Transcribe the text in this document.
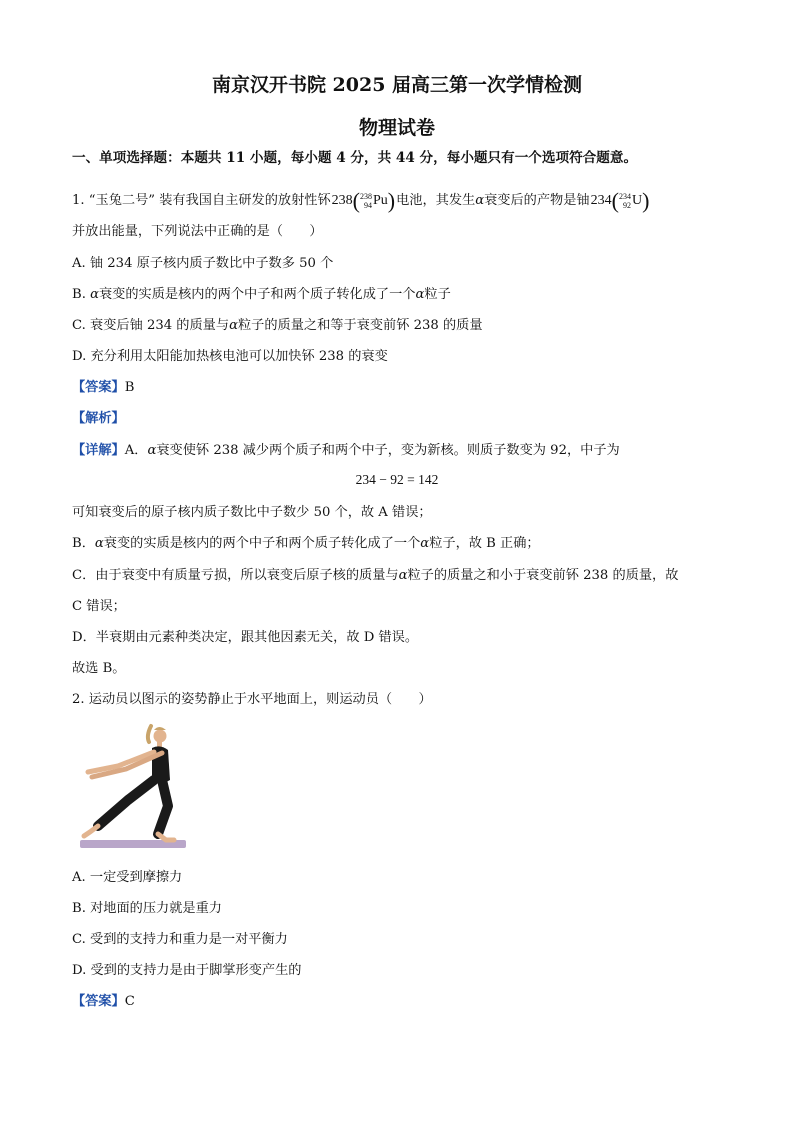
南京汉开书院 2025 届高三第一次学情检测
物理试卷
一、单项选择题：本题共 11 小题，每小题 4 分，共 44 分，每小题只有一个选项符合题意。
1. “玉兔二号” 装有我国自主研发的放射性钚238(238
94Pu)电池，其发生α衰变后的产物是铀234(234
92U)
并放出能量，下列说法中正确的是（　　）
A. 铀 234 原子核内质子数比中子数多 50 个
B. α衰变的实质是核内的两个中子和两个质子转化成了一个α粒子
C. 衰变后铀 234 的质量与α粒子的质量之和等于衰变前钚 238 的质量
D. 充分利用太阳能加热核电池可以加快钚 238 的衰变
【答案】B
【解析】
【详解】A．α衰变使钚 238 减少两个质子和两个中子，变为新核。则质子数变为 92，中子为
234 − 92 = 142
可知衰变后的原子核内质子数比中子数少 50 个，故 A 错误；
B．α衰变的实质是核内的两个中子和两个质子转化成了一个α粒子，故 B 正确；
C．由于衰变中有质量亏损，所以衰变后原子核的质量与α粒子的质量之和小于衰变前钚 238 的质量，故
C 错误；
D．半衰期由元素种类决定，跟其他因素无关，故 D 错误。
故选 B。
2. 运动员以图示的姿势静止于水平地面上，则运动员（　　）
A. 一定受到摩擦力
B. 对地面的压力就是重力
C. 受到的支持力和重力是一对平衡力
D. 受到的支持力是由于脚掌形变产生的
【答案】C
